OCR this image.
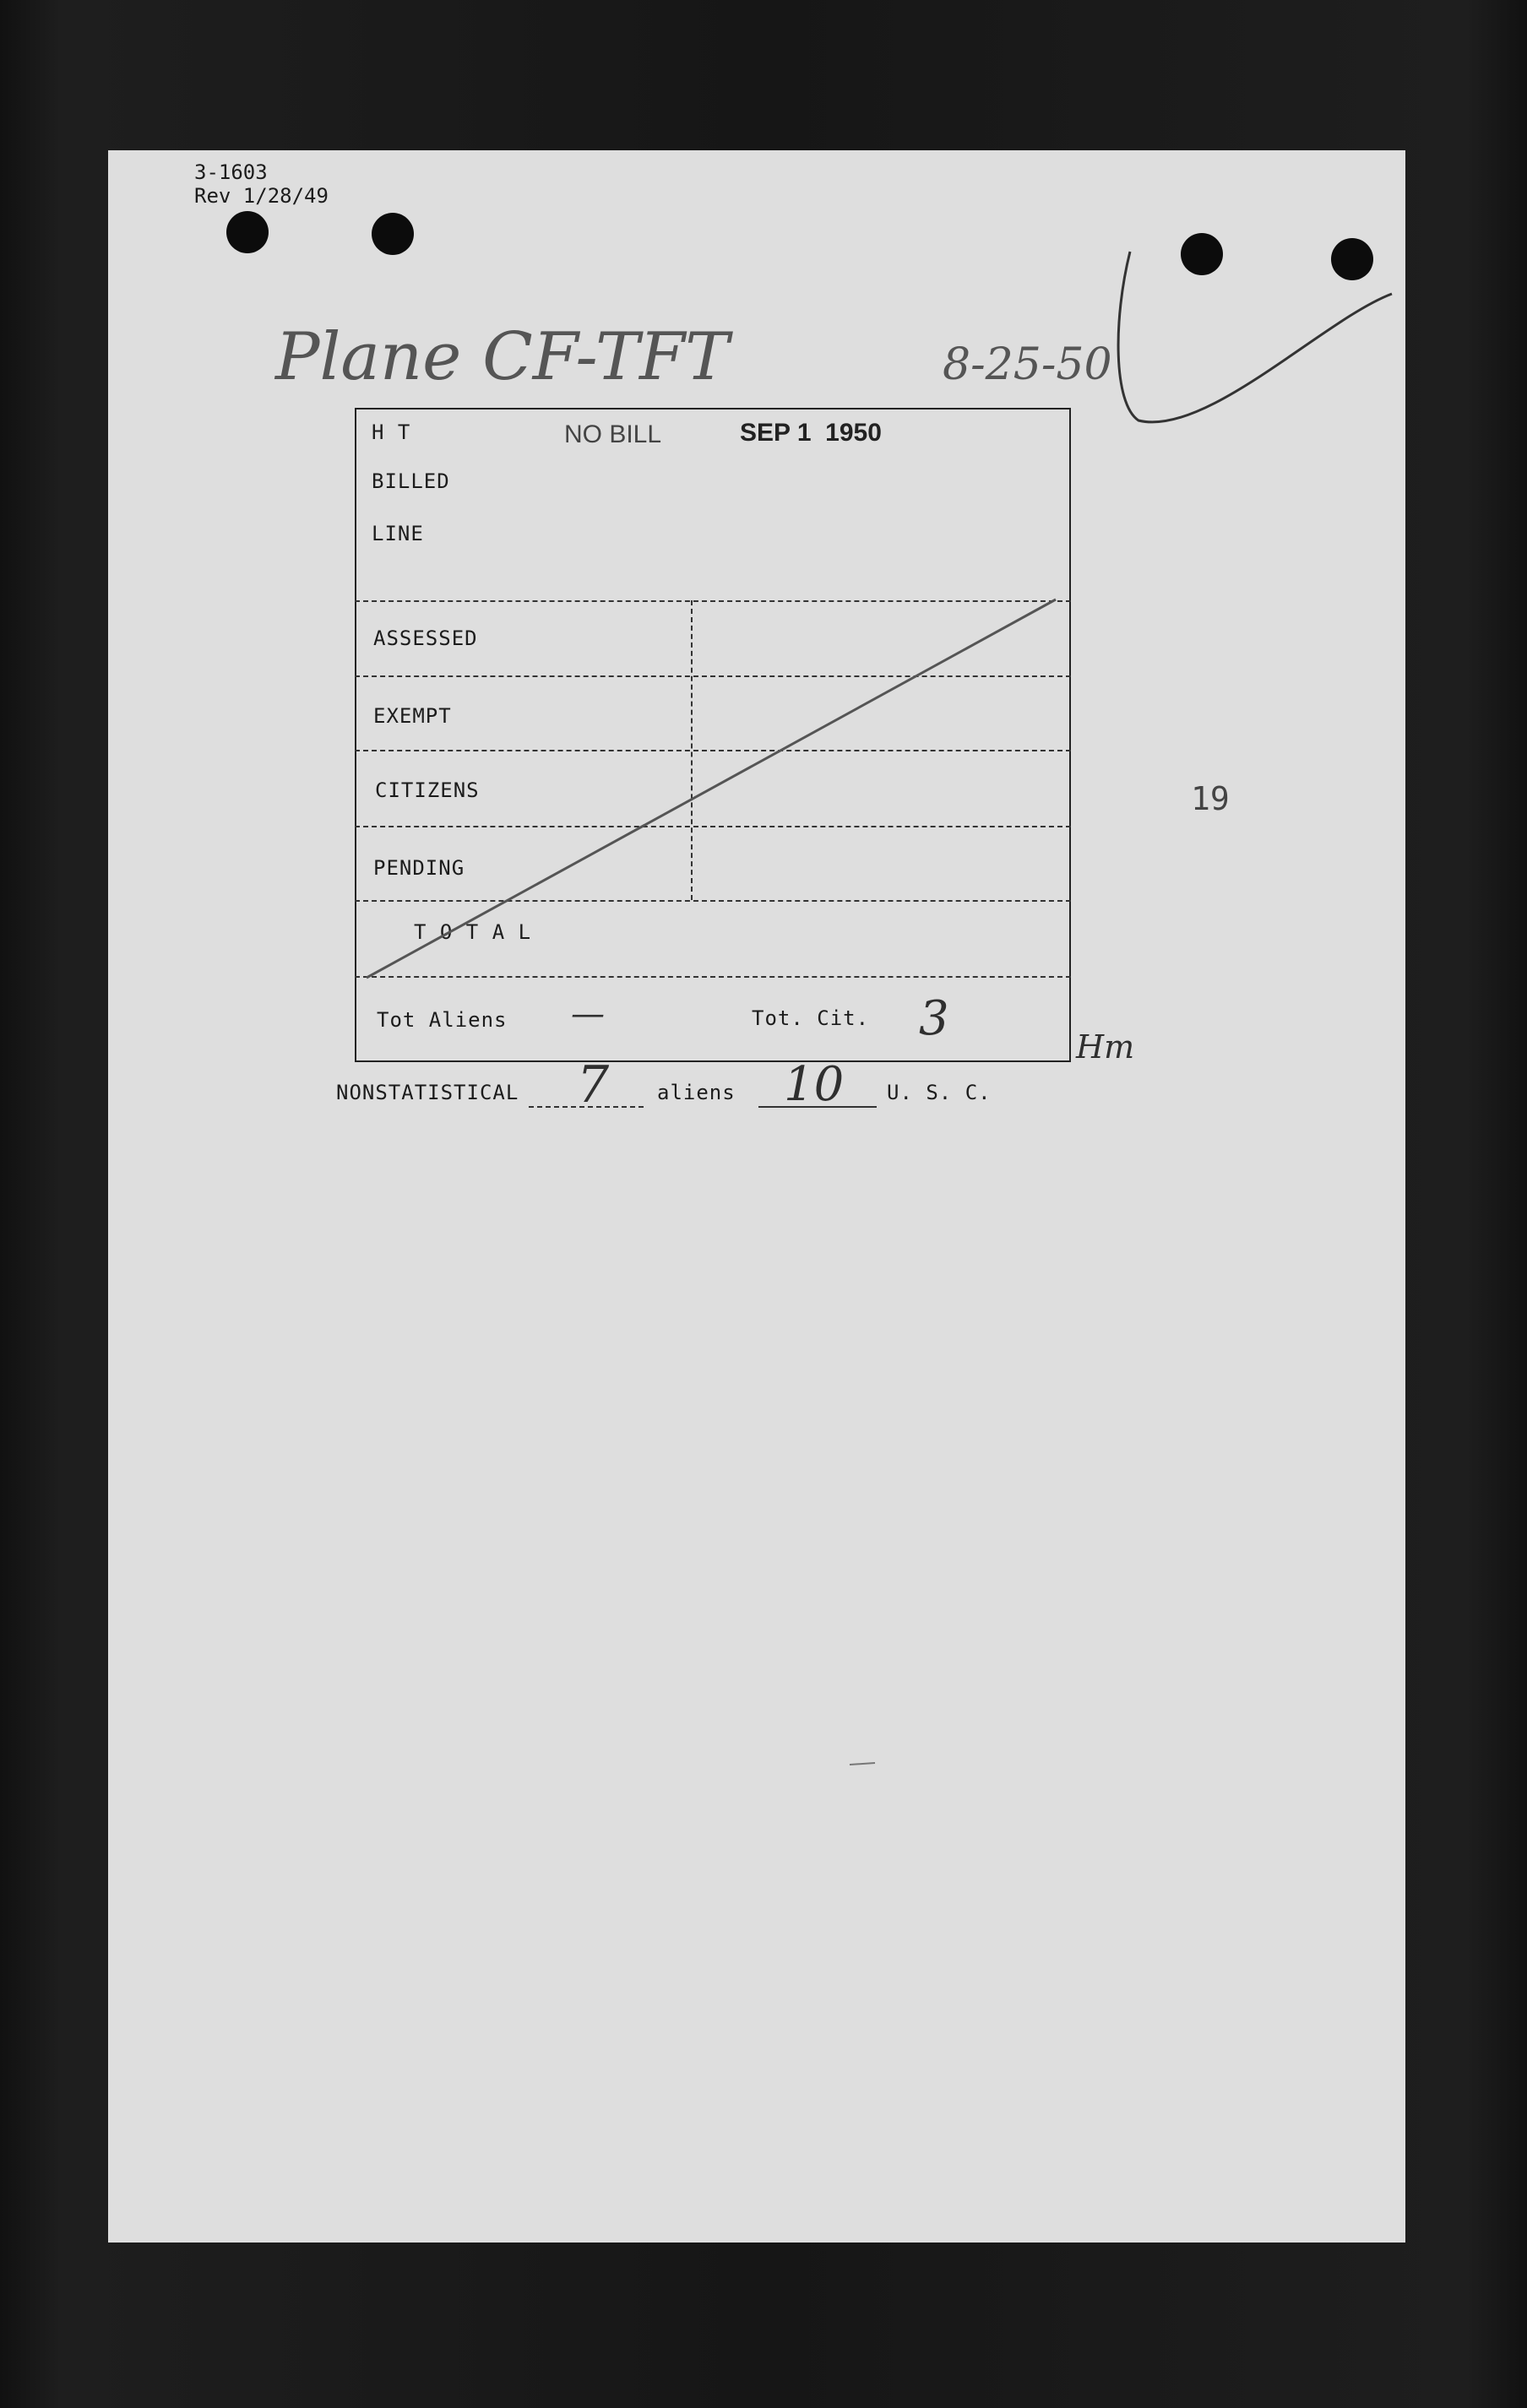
3-1603
Rev 1/28/49
Plane CF-TFT	8-25-50
NO BILL	SEP 1  1950
H T
BILLED
LINE
ASSESSED
EXEMPT
CITIZENS
PENDING
T O T A L
Tot Aliens —	Tot. Cit. 3
Hm
NONSTATISTICAL 7 aliens 10 U. S. C.
19
